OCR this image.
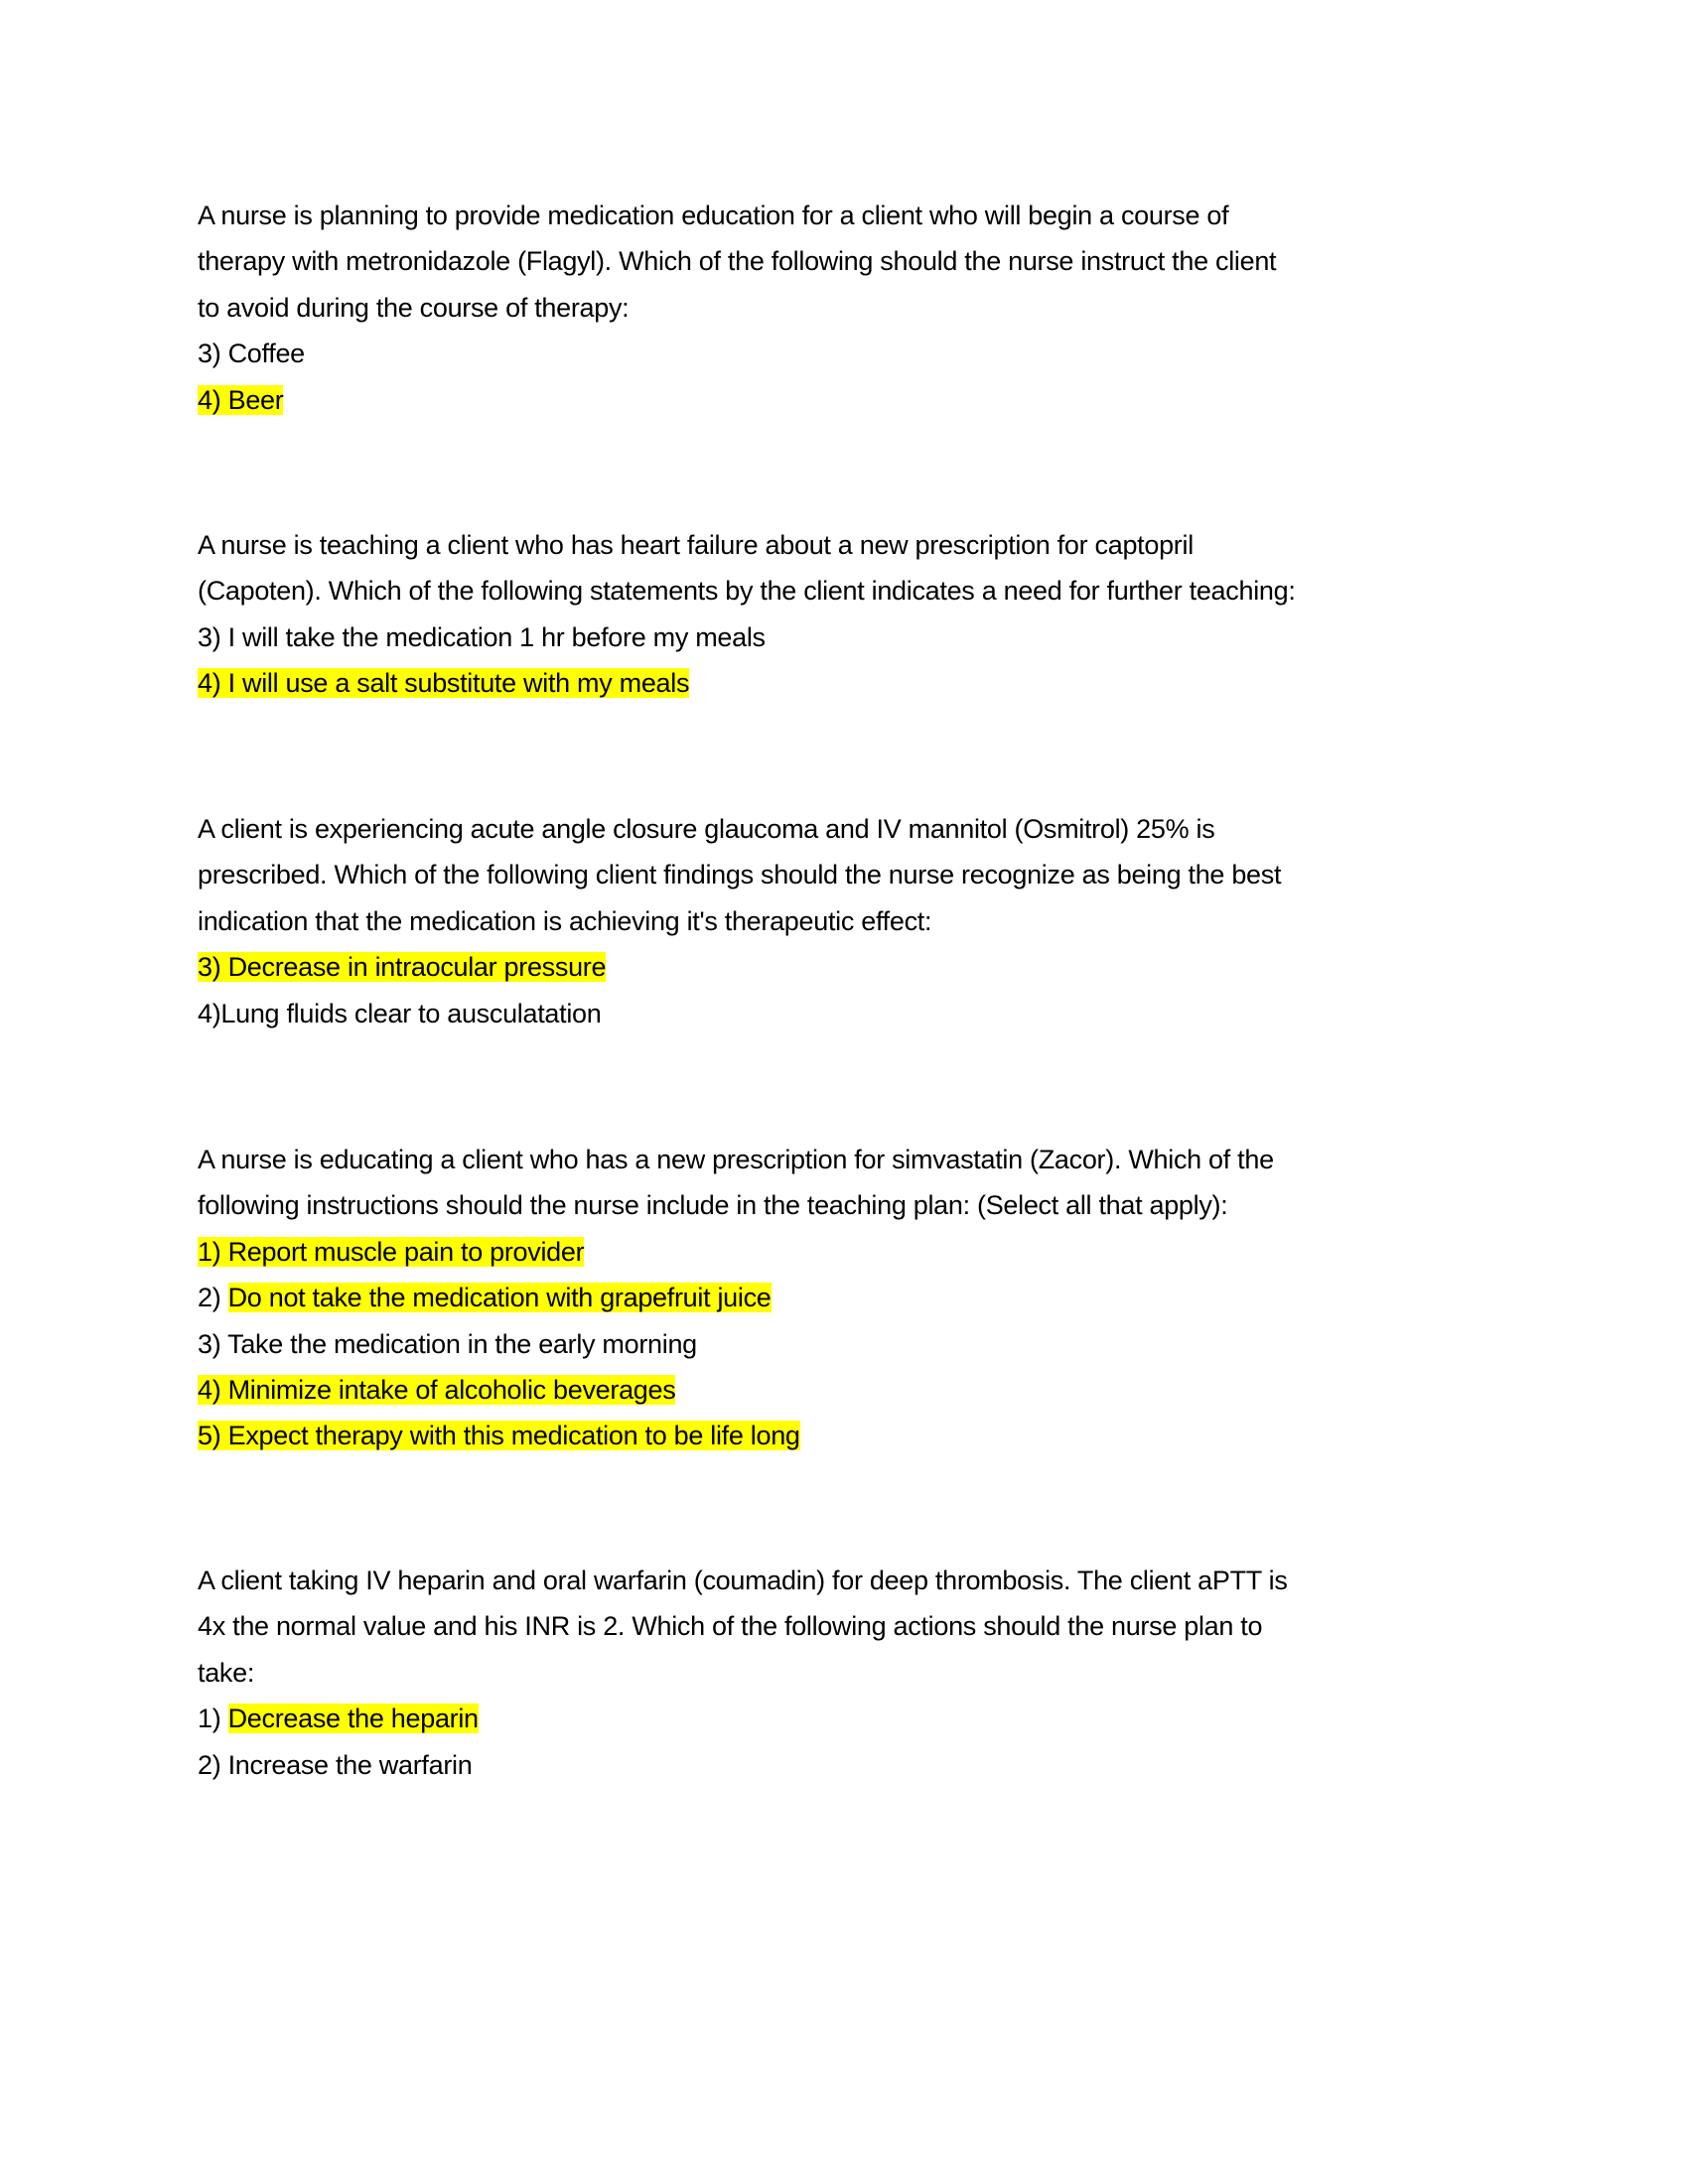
A nurse is planning to provide medication education for a client who will begin a course of
therapy with metronidazole (Flagyl). Which of the following should the nurse instruct the client
to avoid during the course of therapy:
3) Coffee
4) Beer
A nurse is teaching a client who has heart failure about a new prescription for captopril
(Capoten). Which of the following statements by the client indicates a need for further teaching:
3) I will take the medication 1 hr before my meals
4) I will use a salt substitute with my meals
A client is experiencing acute angle closure glaucoma and IV mannitol (Osmitrol) 25% is
prescribed. Which of the following client findings should the nurse recognize as being the best
indication that the medication is achieving it's therapeutic effect:
3) Decrease in intraocular pressure
4)Lung fluids clear to ausculatation
A nurse is educating a client who has a new prescription for simvastatin (Zacor). Which of the
following instructions should the nurse include in the teaching plan: (Select all that apply):
1) Report muscle pain to provider
2) Do not take the medication with grapefruit juice
3) Take the medication in the early morning
4) Minimize intake of alcoholic beverages
5) Expect therapy with this medication to be life long
A client taking IV heparin and oral warfarin (coumadin) for deep thrombosis. The client aPTT is
4x the normal value and his INR is 2. Which of the following actions should the nurse plan to
take:
1) Decrease the heparin
2) Increase the warfarin
